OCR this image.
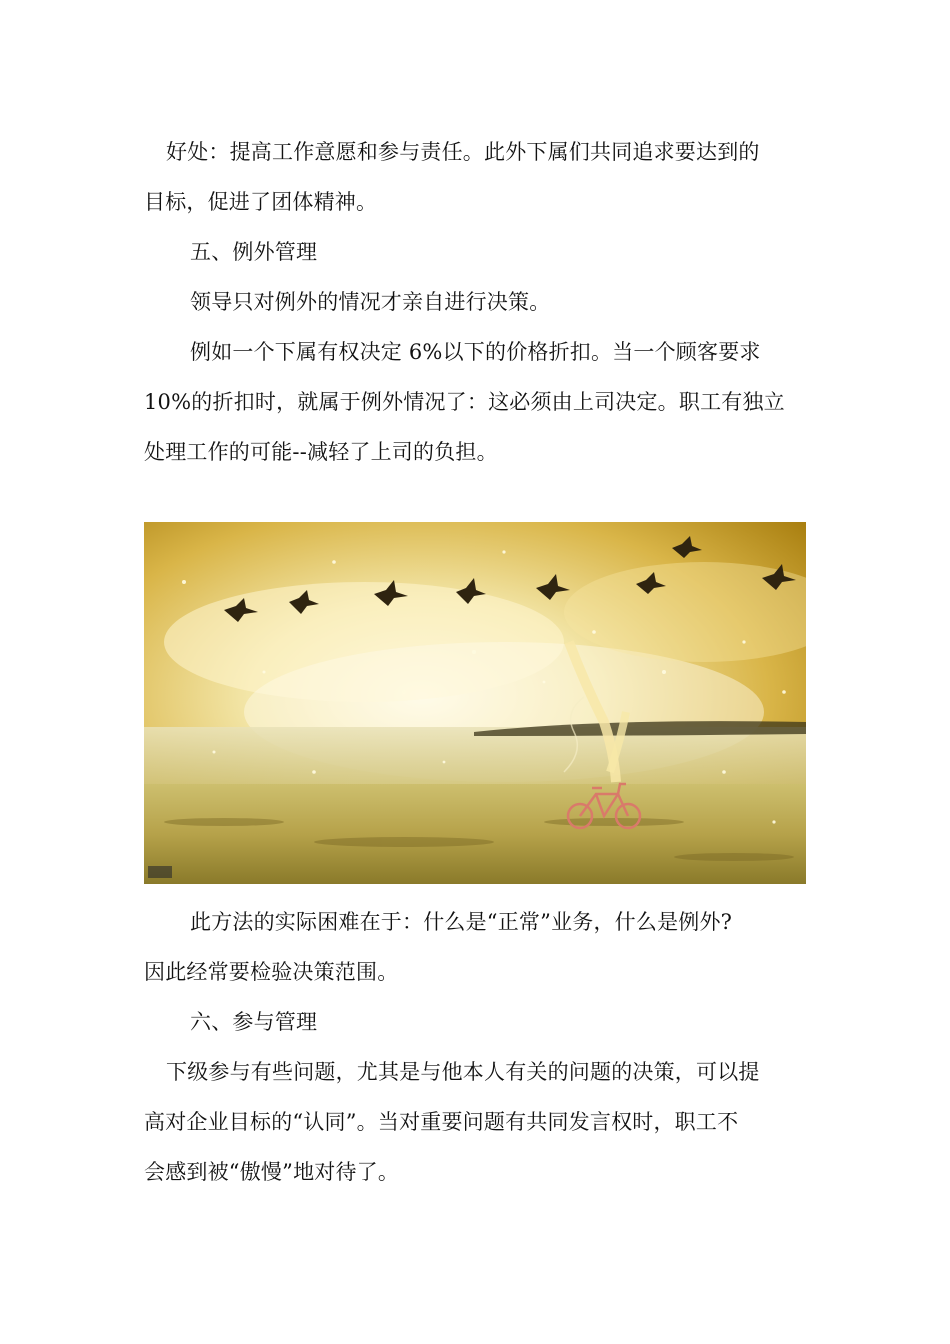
好处：提高工作意愿和参与责任。此外下属们共同追求要达到的
目标，促进了团体精神。
五、例外管理
领导只对例外的情况才亲自进行决策。
例如一个下属有权决定 6%以下的价格折扣。当一个顾客要求
10%的折扣时，就属于例外情况了：这必须由上司决定。职工有独立
处理工作的可能--减轻了上司的负担。
此方法的实际困难在于：什么是“正常”业务，什么是例外?
因此经常要检验决策范围。
六、参与管理
下级参与有些问题，尤其是与他本人有关的问题的决策，可以提
高对企业目标的“认同”。当对重要问题有共同发言权时，职工不
会感到被“傲慢”地对待了。
